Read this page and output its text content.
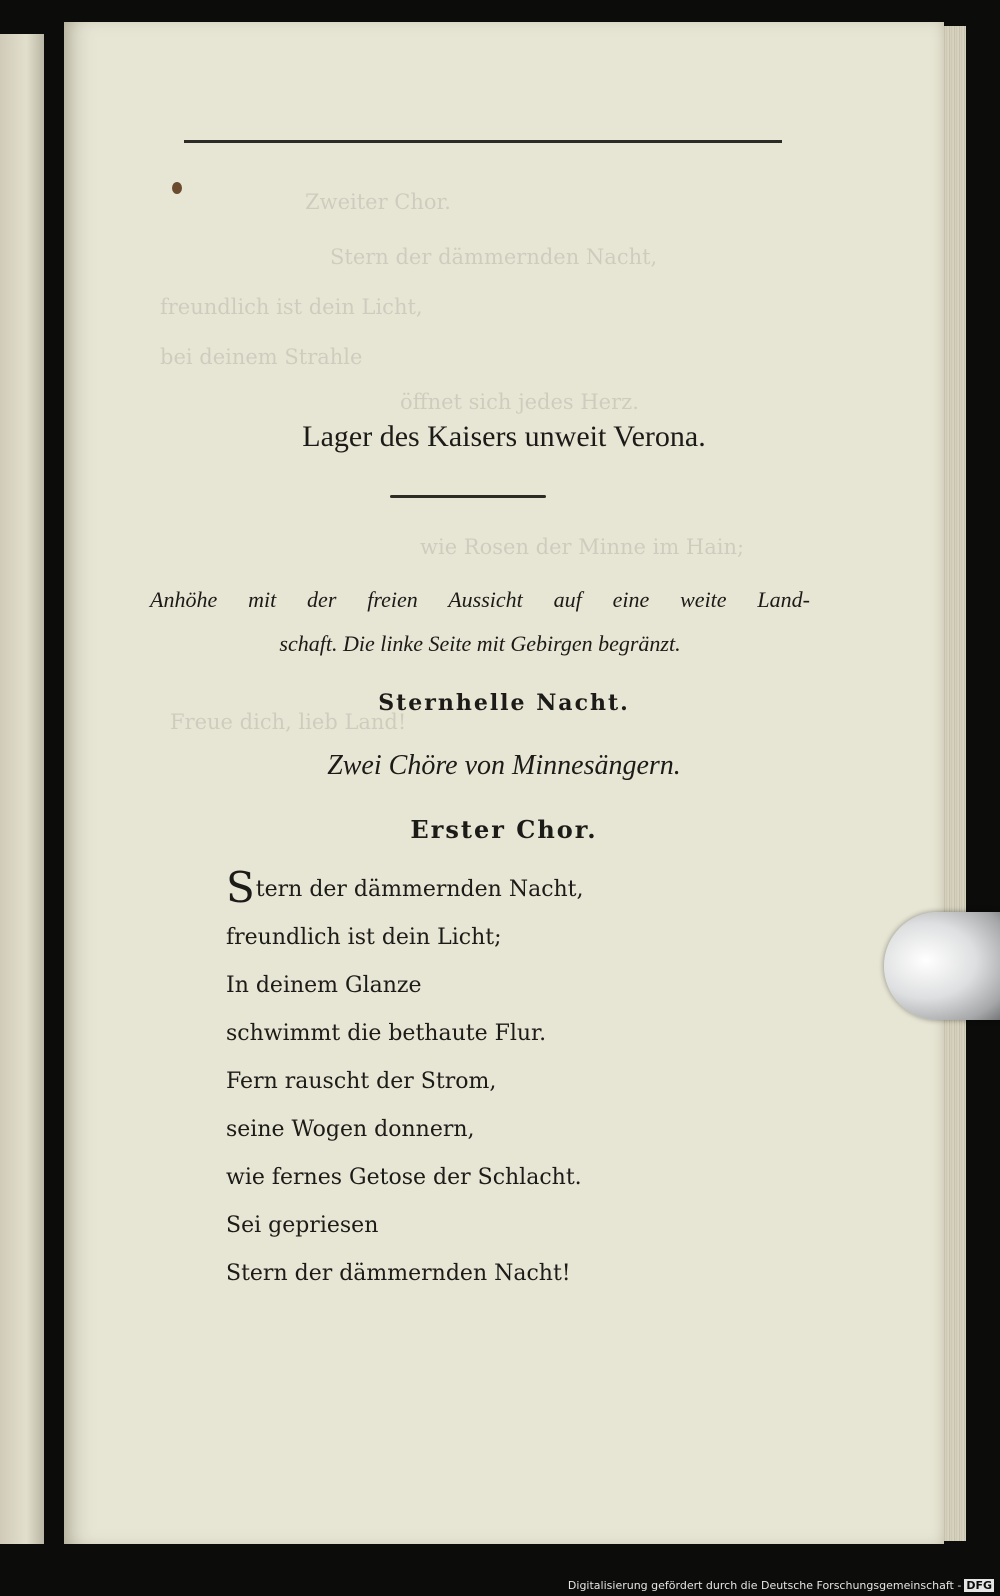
Zweiter Chor.
Stern der dämmernden Nacht,
freundlich ist dein Licht,
bei deinem Strahle
öffnet sich jedes Herz.
wie Rosen der Minne im Hain;
Freue dich, lieb Land!
Lager des Kaisers unweit Verona.
Anhöhe mit der freien Aussicht auf eine weite Land-
schaft. Die linke Seite mit Gebirgen begränzt.
Sternhelle Nacht.
Zwei Chöre von Minnesängern.
Erster Chor.
Stern der dämmernden Nacht,
freundlich ist dein Licht;
In deinem Glanze
schwimmt die bethaute Flur.
Fern rauscht der Strom,
seine Wogen donnern,
wie fernes Getose der Schlacht.
Sei gepriesen
Stern der dämmernden Nacht!
Digitalisierung gefördert durch die Deutsche Forschungsgemeinschaft - DFG
